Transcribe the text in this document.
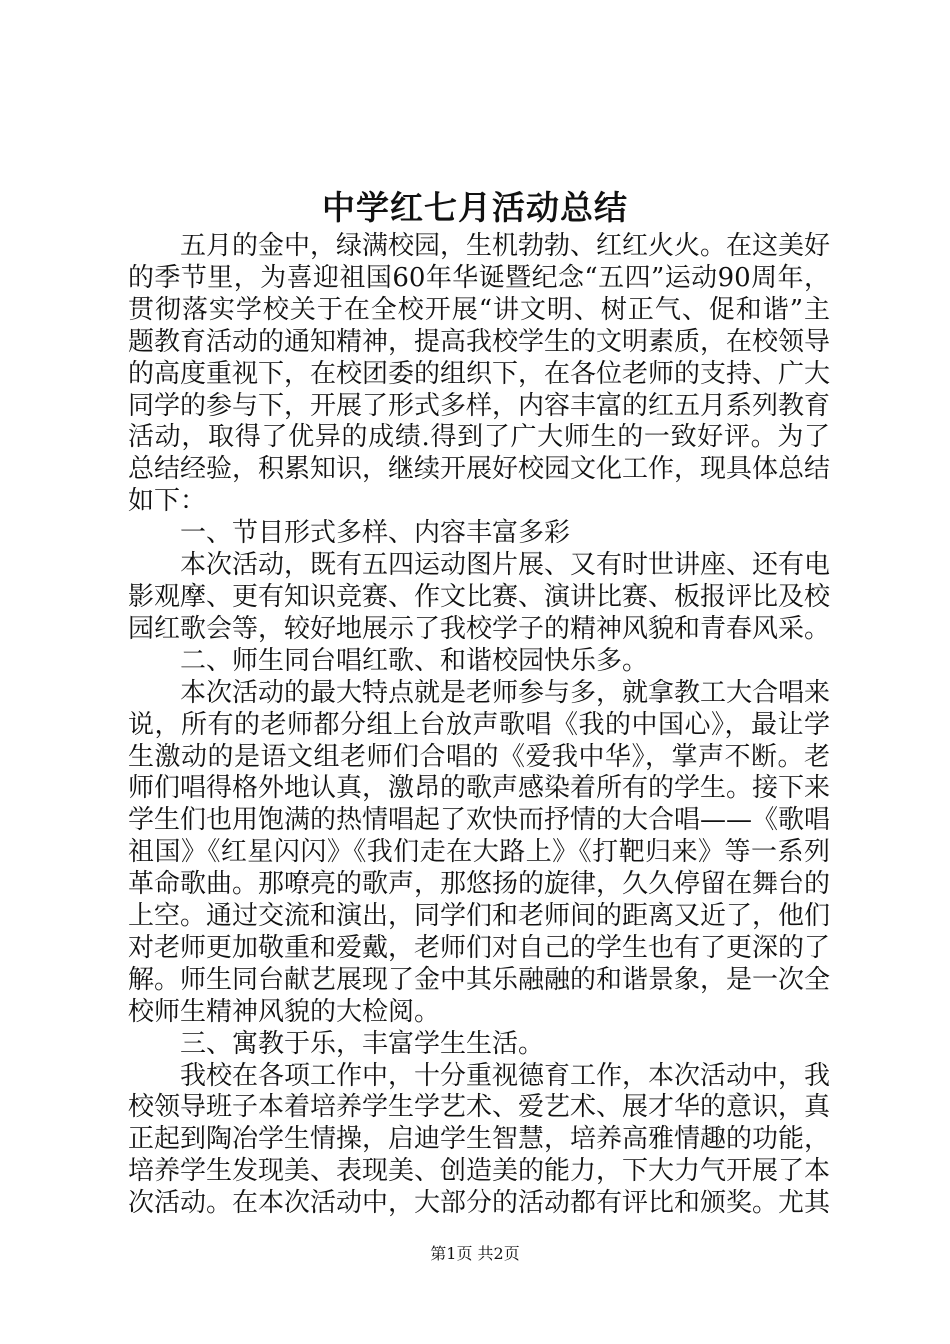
中学红七月活动总结

五月的金中，绿满校园，生机勃勃、红红火火。在这美好的季节里，为喜迎祖国60年华诞暨纪念“五四”运动90周年，贯彻落实学校关于在全校开展“讲文明、树正气、促和谐”主题教育活动的通知精神，提高我校学生的文明素质，在校领导的高度重视下，在校团委的组织下，在各位老师的支持、广大同学的参与下，开展了形式多样，内容丰富的红五月系列教育活动，取得了优异的成绩.得到了广大师生的一致好评。为了总结经验，积累知识，继续开展好校园文化工作，现具体总结如下：

一、节目形式多样、内容丰富多彩

本次活动，既有五四运动图片展、又有时世讲座、还有电影观摩、更有知识竞赛、作文比赛、演讲比赛、板报评比及校园红歌会等，较好地展示了我校学子的精神风貌和青春风采。

二、师生同台唱红歌、和谐校园快乐多。

本次活动的最大特点就是老师参与多，就拿教工大合唱来说，所有的老师都分组上台放声歌唱《我的中国心》，最让学生激动的是语文组老师们合唱的《爱我中华》，掌声不断。老师们唱得格外地认真，激昂的歌声感染着所有的学生。接下来学生们也用饱满的热情唱起了欢快而抒情的大合唱——《歌唱祖国》《红星闪闪》《我们走在大路上》《打靶归来》等一系列革命歌曲。那嘹亮的歌声，那悠扬的旋律，久久停留在舞台的上空。通过交流和演出，同学们和老师间的距离又近了，他们对老师更加敬重和爱戴，老师们对自己的学生也有了更深的了解。师生同台献艺展现了金中其乐融融的和谐景象，是一次全校师生精神风貌的大检阅。

三、寓教于乐，丰富学生生活。

我校在各项工作中，十分重视德育工作，本次活动中，我校领导班子本着培养学生学艺术、爱艺术、展才华的意识，真正起到陶冶学生情操，启迪学生智慧，培养高雅情趣的功能，培养学生发现美、表现美、创造美的能力，下大力气开展了本次活动。在本次活动中，大部分的活动都有评比和颁奖。尤其

第1页 共2页
